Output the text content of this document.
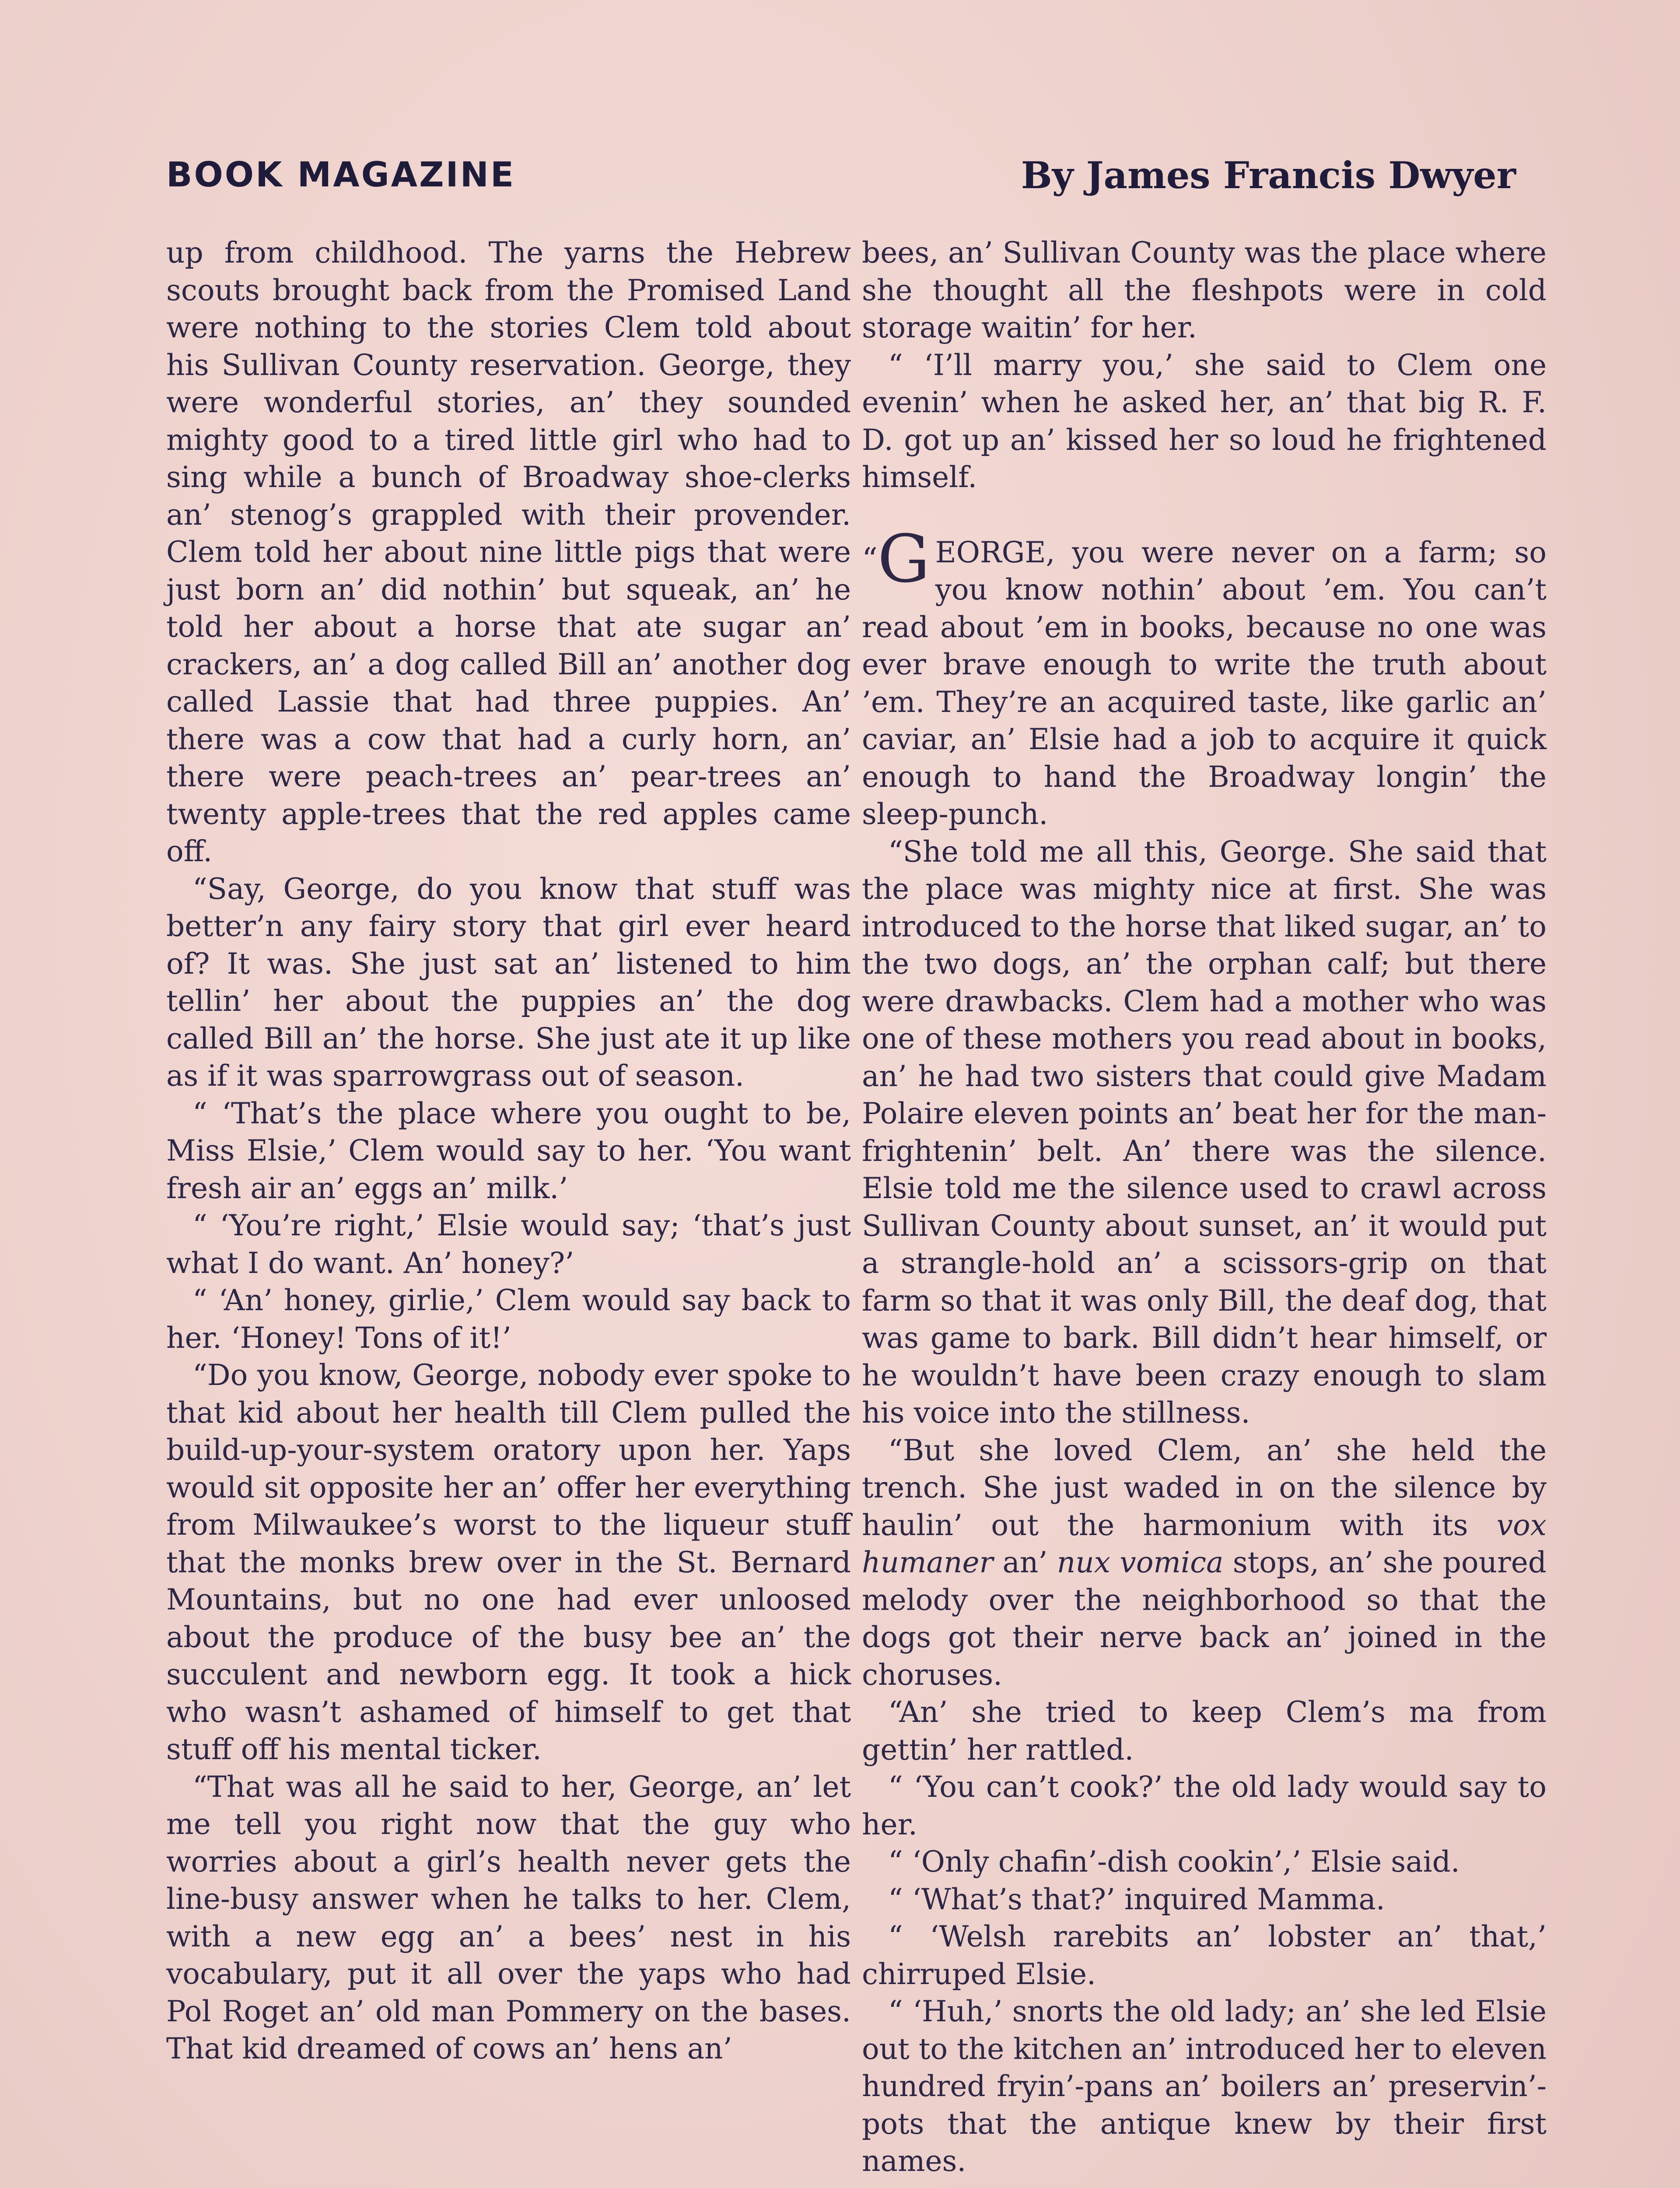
BOOK MAGAZINE	By James Francis Dwyer

up from childhood. The yarns the Hebrew scouts brought back from the Promised Land were nothing to the stories Clem told about his Sullivan County reservation. George, they were wonderful stories, an’ they sounded mighty good to a tired little girl who had to sing while a bunch of Broadway shoe-clerks an’ stenog’s grappled with their provender. Clem told her about nine little pigs that were just born an’ did nothin’ but squeak, an’ he told her about a horse that ate sugar an’ crackers, an’ a dog called Bill an’ another dog called Lassie that had three puppies. An’ there was a cow that had a curly horn, an’ there were peach-trees an’ pear-trees an’ twenty apple-trees that the red apples came off.

“Say, George, do you know that stuff was better’n any fairy story that girl ever heard of? It was. She just sat an’ listened to him tellin’ her about the puppies an’ the dog called Bill an’ the horse. She just ate it up like as if it was sparrowgrass out of season.

“ ‘That’s the place where you ought to be, Miss Elsie,’ Clem would say to her. ‘You want fresh air an’ eggs an’ milk.’

“ ‘You’re right,’ Elsie would say; ‘that’s just what I do want. An’ honey?’

“ ‘An’ honey, girlie,’ Clem would say back to her. ‘Honey! Tons of it!’

“Do you know, George, nobody ever spoke to that kid about her health till Clem pulled the build-up-your-system oratory upon her. Yaps would sit opposite her an’ offer her everything from Milwaukee’s worst to the liqueur stuff that the monks brew over in the St. Bernard Mountains, but no one had ever unloosed about the produce of the busy bee an’ the succulent and newborn egg. It took a hick who wasn’t ashamed of himself to get that stuff off his mental ticker.

“That was all he said to her, George, an’ let me tell you right now that the guy who worries about a girl’s health never gets the line-busy answer when he talks to her. Clem, with a new egg an’ a bees’ nest in his vocabulary, put it all over the yaps who had Pol Roget an’ old man Pommery on the bases. That kid dreamed of cows an’ hens an’

bees, an’ Sullivan County was the place where she thought all the fleshpots were in cold storage waitin’ for her.

“ ‘I’ll marry you,’ she said to Clem one evenin’ when he asked her, an’ that big R. F. D. got up an’ kissed her so loud he frightened himself.

“G EORGE, you were never on a farm; so you know nothin’ about ’em. You can’t read about ’em in books, because no one was ever brave enough to write the truth about ’em. They’re an acquired taste, like garlic an’ caviar, an’ Elsie had a job to acquire it quick enough to hand the Broadway longin’ the sleep-punch.

“She told me all this, George. She said that the place was mighty nice at first. She was introduced to the horse that liked sugar, an’ to the two dogs, an’ the orphan calf; but there were drawbacks. Clem had a mother who was one of these mothers you read about in books, an’ he had two sisters that could give Madam Polaire eleven points an’ beat her for the man-frightenin’ belt. An’ there was the silence. Elsie told me the silence used to crawl across Sullivan County about sunset, an’ it would put a strangle-hold an’ a scissors-grip on that farm so that it was only Bill, the deaf dog, that was game to bark. Bill didn’t hear himself, or he wouldn’t have been crazy enough to slam his voice into the stillness.

“But she loved Clem, an’ she held the trench. She just waded in on the silence by haulin’ out the harmonium with its vox humaner an’ nux vomica stops, an’ she poured melody over the neighborhood so that the dogs got their nerve back an’ joined in the choruses.

“An’ she tried to keep Clem’s ma from gettin’ her rattled.

“ ‘You can’t cook?’ the old lady would say to her.

“ ‘Only chafin’-dish cookin’,’ Elsie said.

“ ‘What’s that?’ inquired Mamma.

“ ‘Welsh rarebits an’ lobster an’ that,’ chirruped Elsie.

“ ‘Huh,’ snorts the old lady; an’ she led Elsie out to the kitchen an’ introduced her to eleven hundred fryin’-pans an’ boilers an’ preservin’-pots that the antique knew by their first names.
